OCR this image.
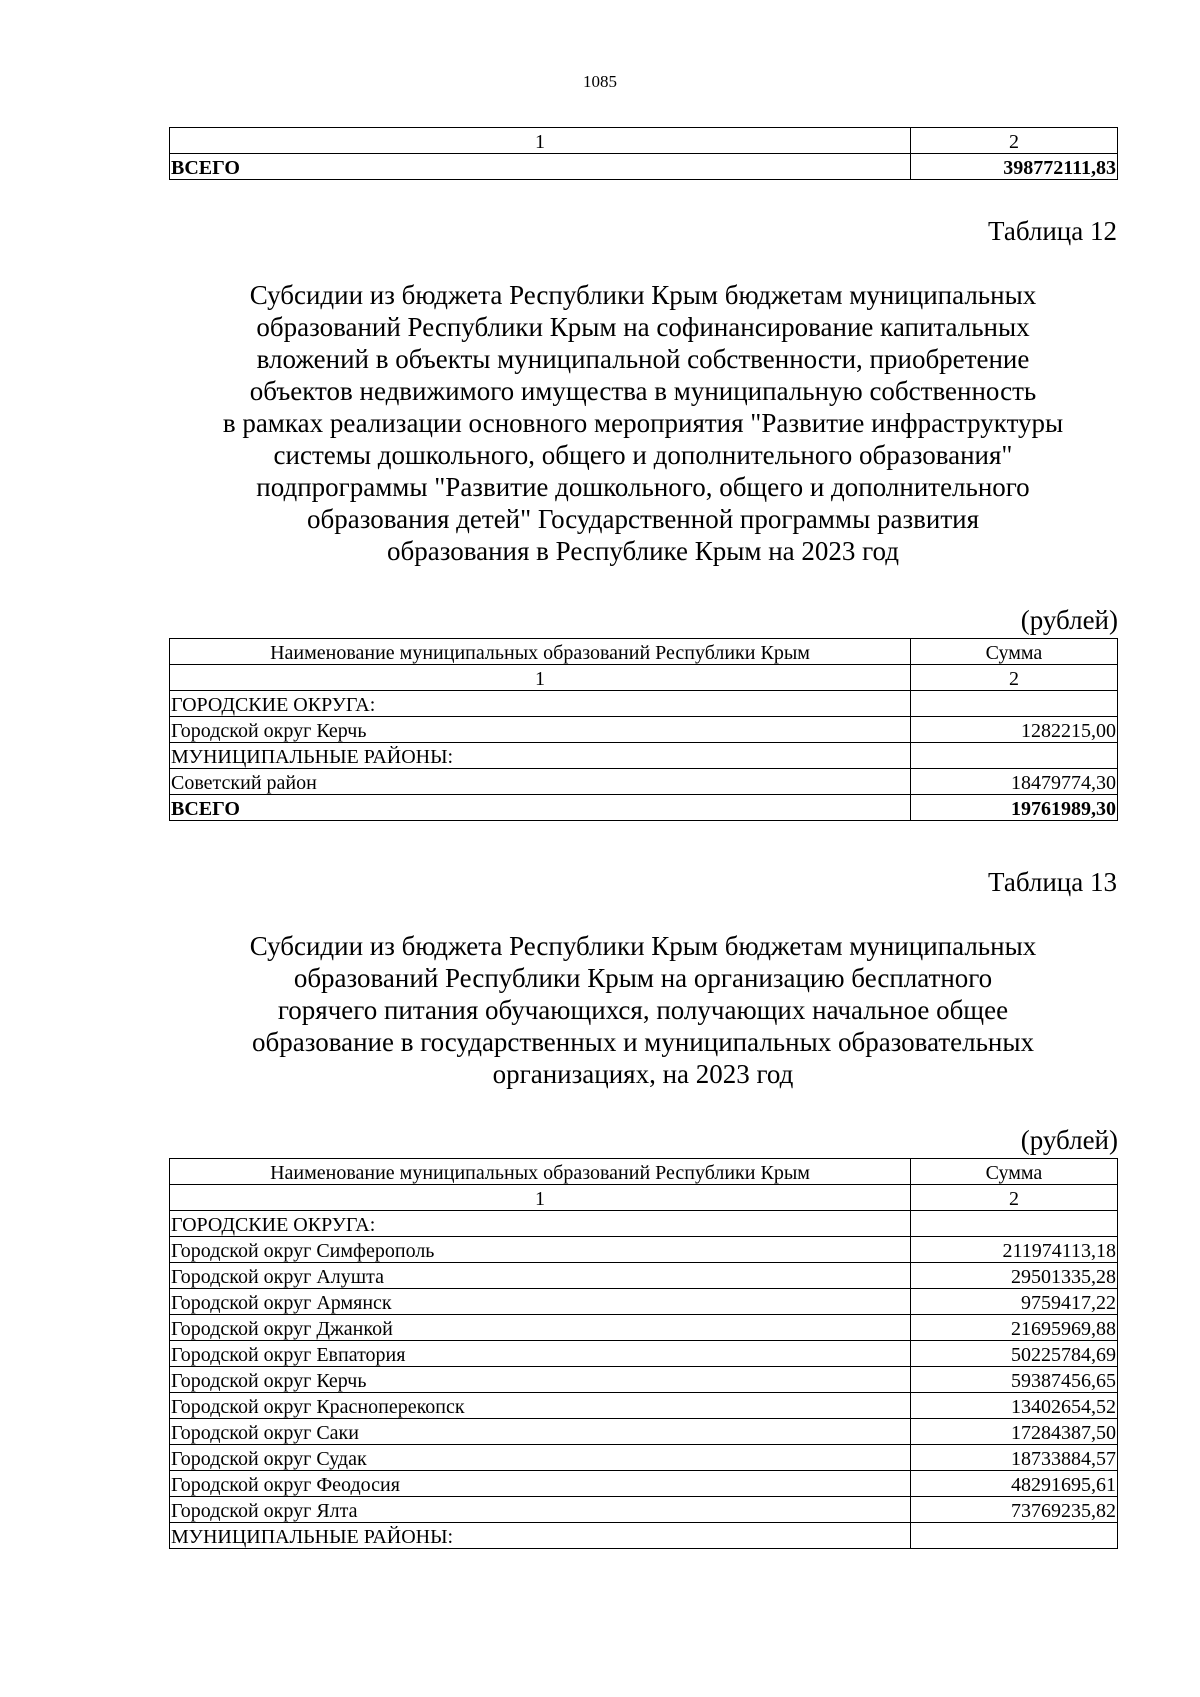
1085
1	2
ВСЕГО	398772111,83
Таблица 12
Субсидии из бюджета Республики Крым бюджетам муниципальных
образований Республики Крым на софинансирование капитальных
вложений в объекты муниципальной собственности, приобретение
объектов недвижимого имущества в муниципальную собственность
в рамках реализации основного мероприятия "Развитие инфраструктуры
системы дошкольного, общего и дополнительного образования"
подпрограммы "Развитие дошкольного, общего и дополнительного
образования детей" Государственной программы развития
образования в Республике Крым на 2023 год
(рублей)
Наименование муниципальных образований Республики Крым	Сумма
1	2
ГОРОДСКИЕ ОКРУГА:	
Городской округ Керчь	1282215,00
МУНИЦИПАЛЬНЫЕ РАЙОНЫ:	
Советский район	18479774,30
ВСЕГО	19761989,30
Таблица 13
Субсидии из бюджета Республики Крым бюджетам муниципальных
образований Республики Крым на организацию бесплатного
горячего питания обучающихся, получающих начальное общее
образование в государственных и муниципальных образовательных
организациях, на 2023 год
(рублей)
Наименование муниципальных образований Республики Крым	Сумма
1	2
ГОРОДСКИЕ ОКРУГА:	
Городской округ Симферополь	211974113,18
Городской округ Алушта	29501335,28
Городской округ Армянск	9759417,22
Городской округ Джанкой	21695969,88
Городской округ Евпатория	50225784,69
Городской округ Керчь	59387456,65
Городской округ Красноперекопск	13402654,52
Городской округ Саки	17284387,50
Городской округ Судак	18733884,57
Городской округ Феодосия	48291695,61
Городской округ Ялта	73769235,82
МУНИЦИПАЛЬНЫЕ РАЙОНЫ:	
